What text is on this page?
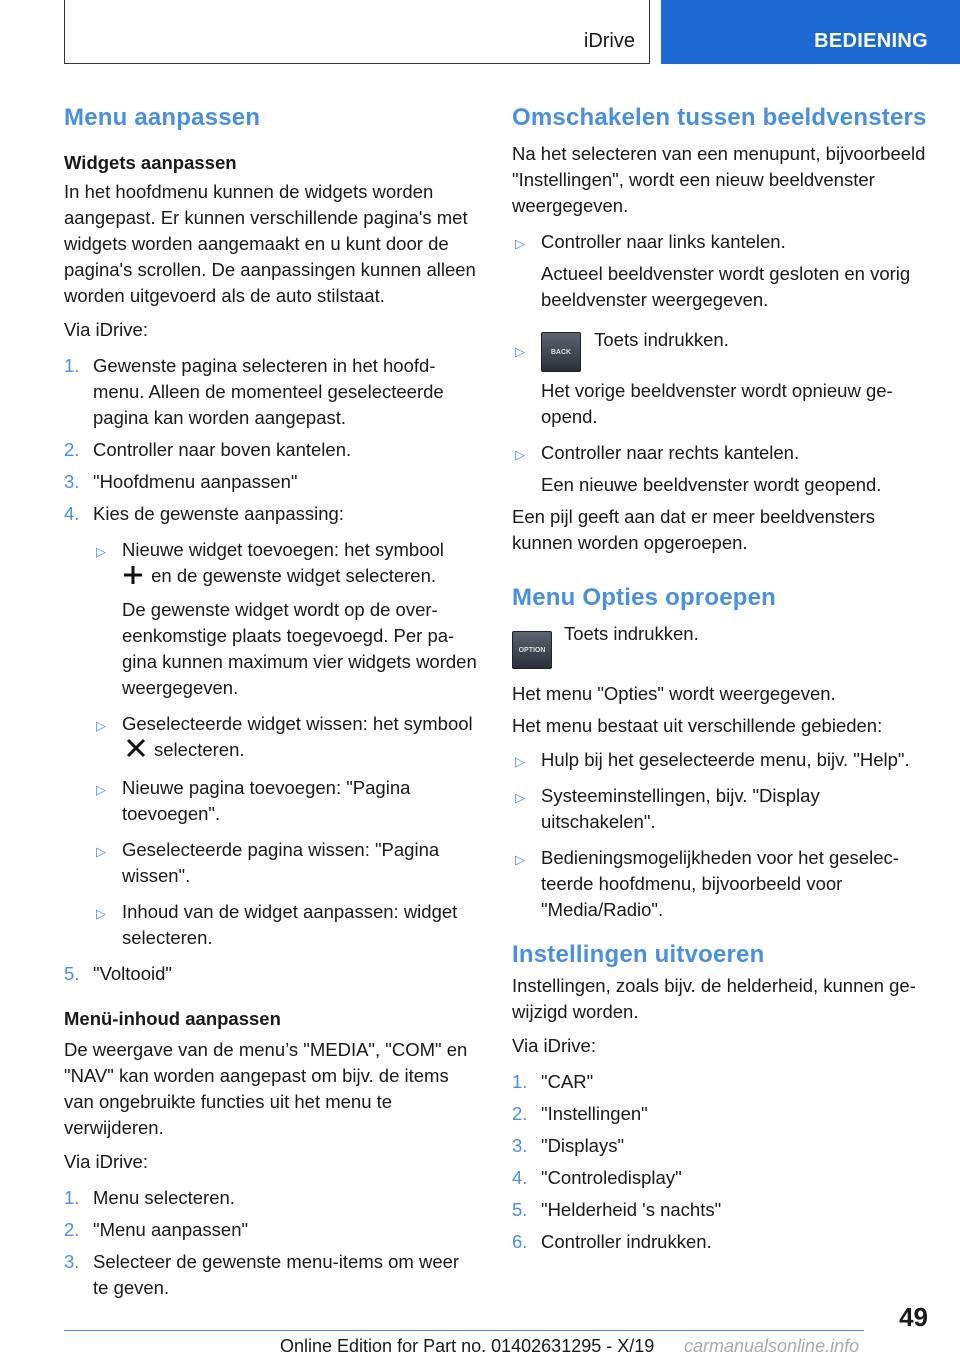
iDrive	BEDIENING
Menu aanpassen
Widgets aanpassen

In het hoofdmenu kunnen de widgets worden aangepast. Er kunnen verschillende pagina's met widgets worden aangemaakt en u kunt door de pagina's scrollen. De aanpassingen kunnen alleen worden uitgevoerd als de auto stilstaat.

Via iDrive:

1. Gewenste pagina selecteren in het hoofdmenu. Alleen de momenteel geselecteerde pagina kan worden aangepast.
2. Controller naar boven kantelen.
3. "Hoofdmenu aanpassen"
4. Kies de gewenste aanpassing:
▷ Nieuwe widget toevoegen: het symbool
en de gewenste widget selecteren.
De gewenste widget wordt op de overeenkomstige plaats toegevoegd. Per pagina kunnen maximum vier widgets worden weergegeven.
▷ Geselecteerde widget wissen: het symbool selecteren.
▷ Nieuwe pagina toevoegen: "Pagina toevoegen".
▷ Geselecteerde pagina wissen: "Pagina wissen".
▷ Inhoud van de widget aanpassen: widget selecteren.
5. "Voltooid"
Menü-inhoud aanpassen

De weergave van de menu’s "MEDIA", "COM" en "NAV" kan worden aangepast om bijv. de items van ongebruikte functies uit het menu te verwijderen.

Via iDrive:

1. Menu selecteren.
2. "Menu aanpassen"
3. Selecteer de gewenste menu-items om weer te geven.
Omschakelen tussen beeldvensters

Na het selecteren van een menupunt, bijvoorbeeld "Instellingen", wordt een nieuw beeldvenster weergegeven.

▷ Controller naar links kantelen.
Actueel beeldvenster wordt gesloten en vorig beeldvenster weergegeven.
▷	BACK Toets indrukken.
Het vorige beeldvenster wordt opnieuw geopend.
▷ Controller naar rechts kantelen.
Een nieuwe beeldvenster wordt geopend.

Een pijl geeft aan dat er meer beeldvensters kunnen worden opgeroepen.

Menu Opties oproepen
OPTION
Toets indrukken.

Het menu "Opties" wordt weergegeven.

Het menu bestaat uit verschillende gebieden:

▷ Hulp bij het geselecteerde menu, bijv. "Help".
▷ Systeeminstellingen, bijv. "Display uitschakelen".
▷ Bedieningsmogelijkheden voor het geselecteerde hoofdmenu, bijvoorbeeld voor "Media/Radio".
Instellingen uitvoeren

Instellingen, zoals bijv. de helderheid, kunnen gewijzigd worden.

Via iDrive:

1. "CAR"
2. "Instellingen"
3. "Displays"
4. "Controledisplay"
5. "Helderheid 's nachts"
6. Controller indrukken.
49
Online Edition for Part no. 01402631295 - X/19 carmanualsonline.info
